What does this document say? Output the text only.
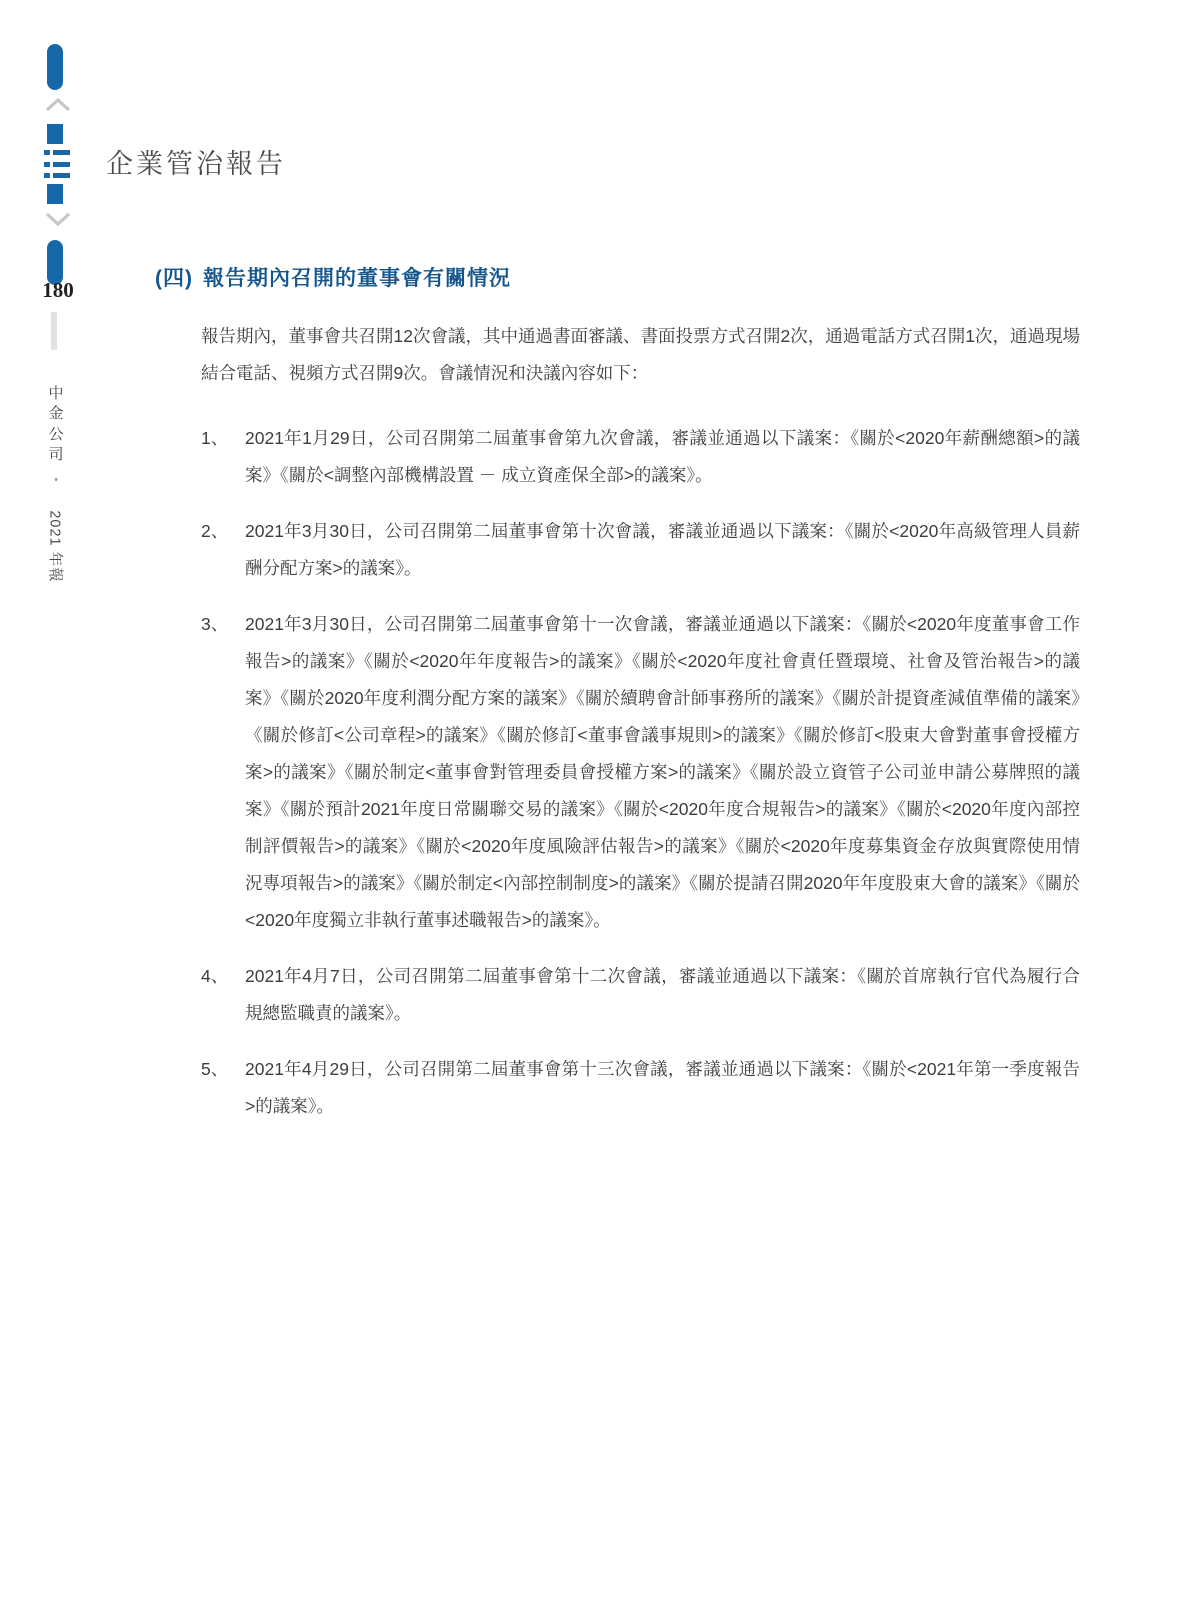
180
中金公司
•
2021 年報
企業管治報告
(四) 報告期內召開的董事會有關情況

報告期內，董事會共召開12次會議，其中通過書面審議、書面投票方式召開2次，通過電話方式召開1次，通過現場結合電話、視頻方式召開9次。會議情況和決議內容如下：

1、 2021年1月29日，公司召開第二屆董事會第九次會議，審議並通過以下議案：《關於<2020年薪酬總額>的議案》《關於<調整內部機構設置 － 成立資產保全部>的議案》。
2、 2021年3月30日，公司召開第二屆董事會第十次會議，審議並通過以下議案：《關於<2020年高級管理人員薪酬分配方案>的議案》。
3、 2021年3月30日，公司召開第二屆董事會第十一次會議，審議並通過以下議案：《關於<2020年度董事會工作報告>的議案》《關於<2020年年度報告>的議案》《關於<2020年度社會責任暨環境、社會及管治報告>的議案》《關於2020年度利潤分配方案的議案》《關於續聘會計師事務所的議案》《關於計提資產減值準備的議案》《關於修訂<公司章程>的議案》《關於修訂<董事會議事規則>的議案》《關於修訂<股東大會對董事會授權方案>的議案》《關於制定<董事會對管理委員會授權方案>的議案》《關於設立資管子公司並申請公募牌照的議案》《關於預計2021年度日常關聯交易的議案》《關於<2020年度合規報告>的議案》《關於<2020年度內部控制評價報告>的議案》《關於<2020年度風險評估報告>的議案》《關於<2020年度募集資金存放與實際使用情況專項報告>的議案》《關於制定<內部控制制度>的議案》《關於提請召開2020年年度股東大會的議案》《關於<2020年度獨立非執行董事述職報告>的議案》。
4、 2021年4月7日，公司召開第二屆董事會第十二次會議，審議並通過以下議案：《關於首席執行官代為履行合規總監職責的議案》。
5、 2021年4月29日，公司召開第二屆董事會第十三次會議，審議並通過以下議案：《關於<2021年第一季度報告>的議案》。
